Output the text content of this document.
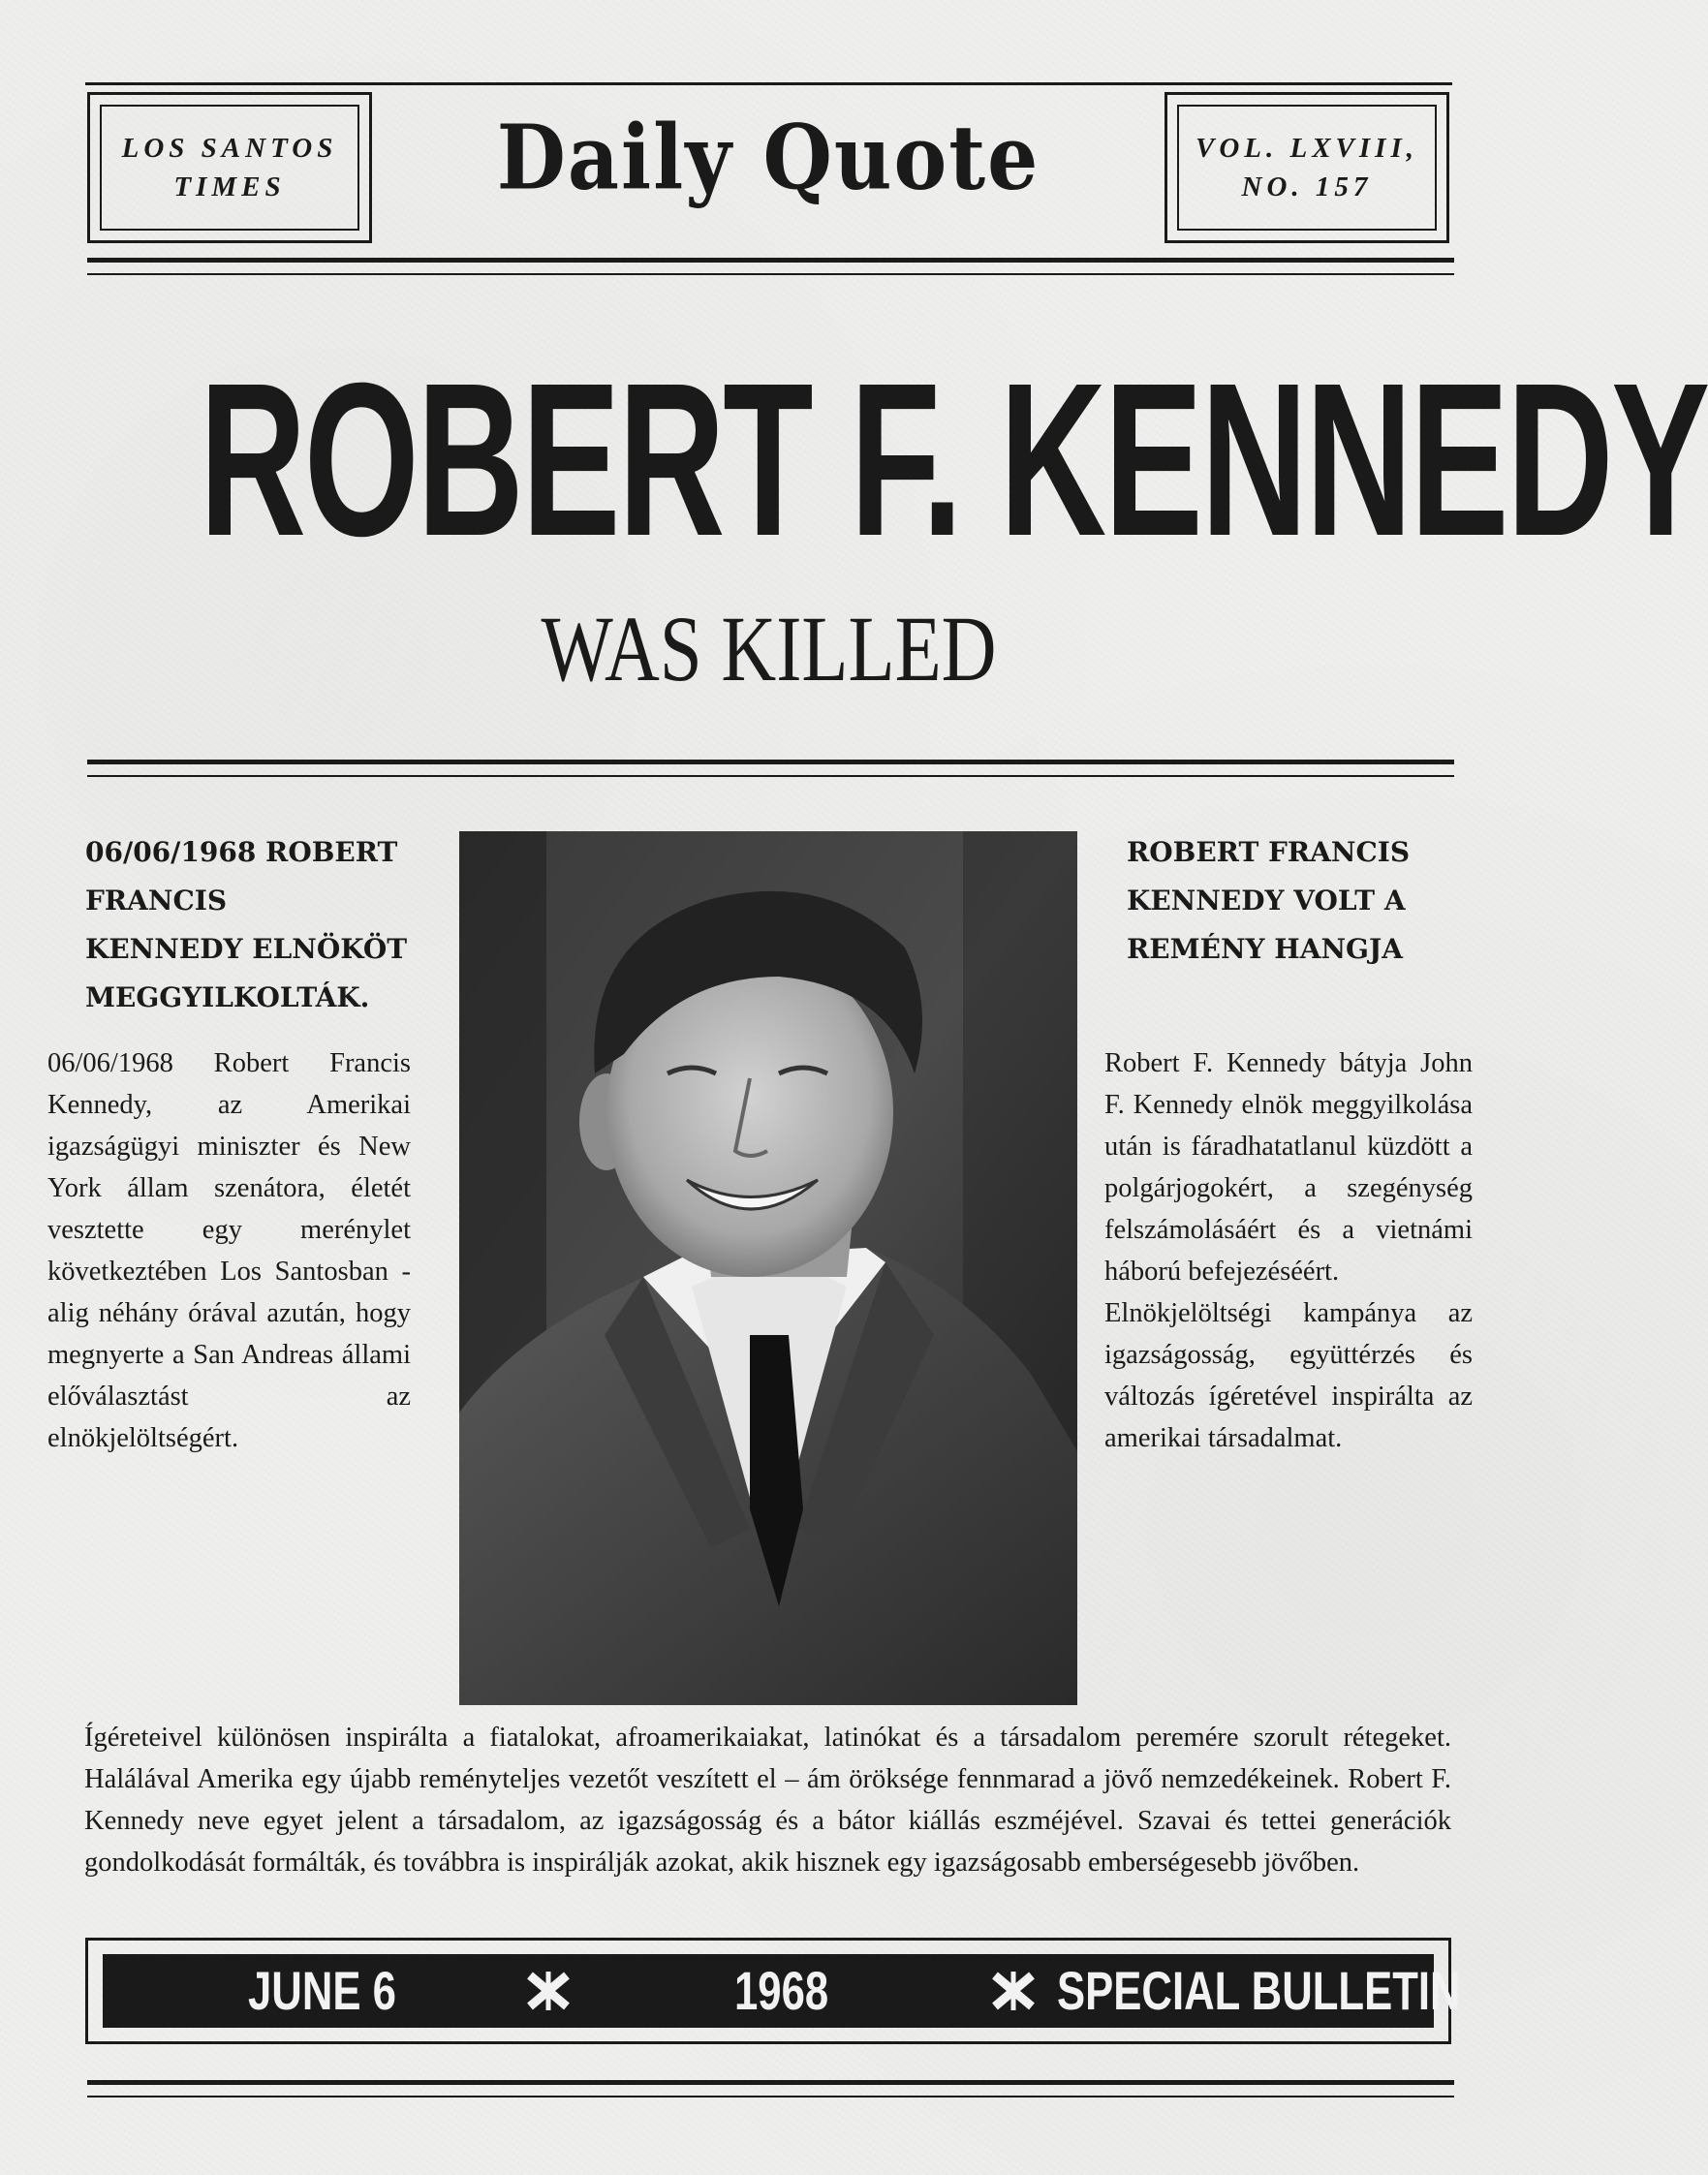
LOS SANTOS
TIMES	Daily Quote	VOL. LXVIII,
NO. 157
ROBERT F. KENNEDY
WAS KILLED
06/06/1968 ROBERT
FRANCIS
KENNEDY ELNÖKÖT
MEGGYILKOLTÁK.
06/06/1968 Robert Francis Kennedy, az Amerikai igazságügyi miniszter és New York állam szenátora, életét vesztette egy merénylet következtében Los Santosban - alig néhány órával azután, hogy megnyerte a San Andreas állami előválasztást az elnökjelöltségért.
ROBERT FRANCIS
KENNEDY VOLT A
REMÉNY HANGJA
Robert F. Kennedy bátyja John F. Kennedy elnök meggyilkolása után is fáradhatatlanul küzdött a polgárjogokért, a szegénység felszámolásáért és a vietnámi háború befejezéséért.
Elnökjelöltségi kampánya az igazságosság, együttérzés és változás ígéretével inspirálta az amerikai társadalmat.
Ígéreteivel különösen inspirálta a fiatalokat, afroamerikaiakat, latinókat és a társadalom peremére szorult rétegeket. Halálával Amerika egy újabb reményteljes vezetőt veszített el – ám öröksége fennmarad a jövő nemzedékeinek. Robert F. Kennedy neve egyet jelent a társadalom, az igazságosság és a bátor kiállás eszméjével. Szavai és tettei generációk gondolkodását formálták, és továbbra is inspirálják azokat, akik hisznek egy igazságosabb emberségesebb jövőben.
JUNE 6	1968	SPECIAL BULLETIN
